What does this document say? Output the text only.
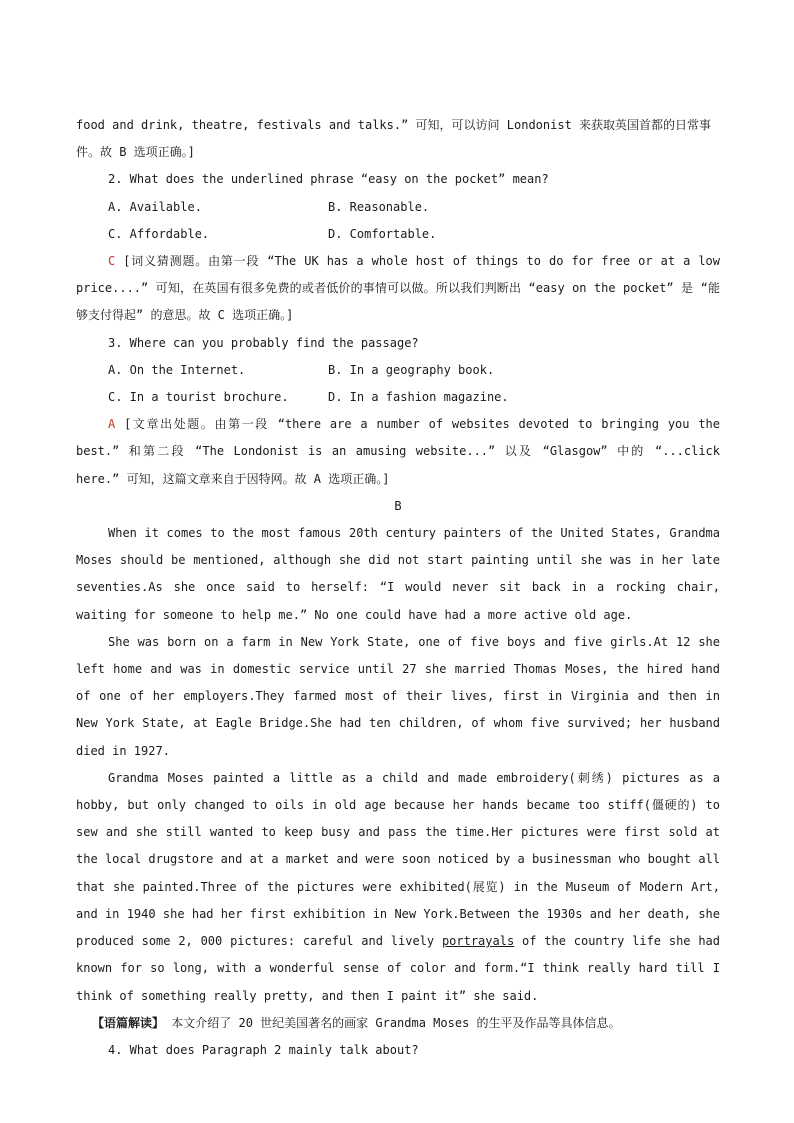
food and drink, theatre, festivals and talks.” 可知，可以访问 Londonist 来获取英国首都的日常事
件。故 B 选项正确。]

2. What does the underlined phrase “easy on the pocket” mean?

A. Available.	B. Reasonable.
C. Affordable.	D. Comfortable.

C [词义猜测题。由第一段 “The UK has a whole host of things to do for free or at a low price....” 可知，在英国有很多免费的或者低价的事情可以做。所以我们判断出 “easy on the pocket” 是 “能够支付得起” 的意思。故 C 选项正确。]

3. Where can you probably find the passage?

A. On the Internet.	B. In a geography book.
C. In a tourist brochure.	D. In a fashion magazine.

A [文章出处题。由第一段 “there are a number of websites devoted to bringing you the best.” 和第二段 “The Londonist is an amusing website...” 以及 “Glasgow” 中的 “...click here.” 可知，这篇文章来自于因特网。故 A 选项正确。]

B

When it comes to the most famous 20th century painters of the United States, Grandma Moses should be mentioned, although she did not start painting until she was in her late seventies.As she once said to herself: “I would never sit back in a rocking chair, waiting for someone to help me.” No one could have had a more active old age.

She was born on a farm in New York State, one of five boys and five girls.At 12 she left home and was in domestic service until 27 she married Thomas Moses, the hired hand of one of her employers.They farmed most of their lives, first in Virginia and then in New York State, at Eagle Bridge.She had ten children, of whom five survived; her husband died in 1927.

Grandma Moses painted a little as a child and made embroidery(刺绣) pictures as a hobby, but only changed to oils in old age because her hands became too stiff(僵硬的) to sew and she still wanted to keep busy and pass the time.Her pictures were first sold at the local drugstore and at a market and were soon noticed by a businessman who bought all that she painted.Three of the pictures were exhibited(展览) in the Museum of Modern Art, and in 1940 she had her first exhibition in New York.Between the 1930s and her death, she produced some 2, 000 pictures: careful and lively portrayals of the country life she had known for so long, with a wonderful sense of color and form.“I think really hard till I think of something really pretty, and then I paint it” she said.

【语篇解读】 本文介绍了 20 世纪美国著名的画家 Grandma Moses 的生平及作品等具体信息。

4. What does Paragraph 2 mainly talk about?
